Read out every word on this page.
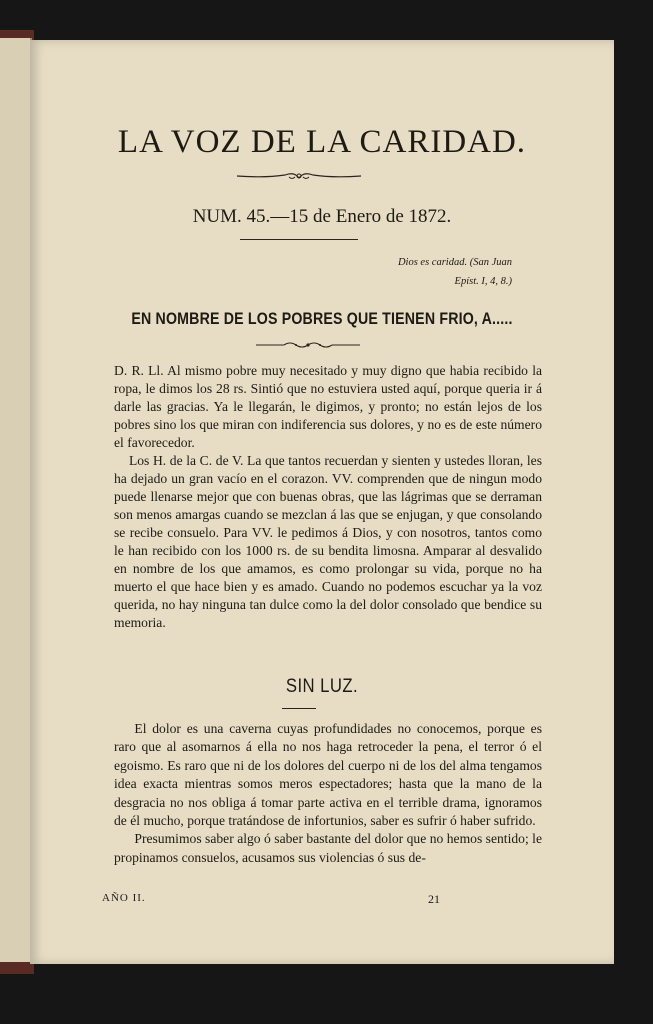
LA VOZ DE LA CARIDAD.
NUM. 45.—15 de Enero de 1872.
Dios es caridad. (San Juan
Epíst. I, 4, 8.)
EN NOMBRE DE LOS POBRES QUE TIENEN FRIO, A.....

D. R. Ll. Al mismo pobre muy necesitado y muy digno que habia recibido la ropa, le dimos los 28 rs. Sintió que no estuviera usted aquí, porque queria ir á darle las gracias. Ya le llegarán, le digimos, y pronto; no están lejos de los pobres sino los que miran con indiferencia sus dolores, y no es de este número el favorecedor.

Los H. de la C. de V. La que tantos recuerdan y sienten y ustedes lloran, les ha dejado un gran vacío en el corazon. VV. comprenden que de ningun modo puede llenarse mejor que con buenas obras, que las lágrimas que se derraman son menos amargas cuando se mezclan á las que se enjugan, y que consolando se recibe consuelo. Para VV. le pedimos á Dios, y con nosotros, tantos como le han recibido con los 1000 rs. de su bendita limosna. Amparar al desvalido en nombre de los que amamos, es como prolongar su vida, porque no ha muerto el que hace bien y es amado. Cuando no podemos escuchar ya la voz querida, no hay ninguna tan dulce como la del dolor consolado que bendice su memoria.

SIN LUZ.

El dolor es una caverna cuyas profundidades no conocemos, porque es raro que al asomarnos á ella no nos haga retroceder la pena, el terror ó el egoismo. Es raro que ni de los dolores del cuerpo ni de los del alma tengamos idea exacta mientras somos meros espectadores; hasta que la mano de la desgracia no nos obliga á tomar parte activa en el terrible drama, ignoramos de él mucho, porque tratándose de infortunios, saber es sufrir ó haber sufrido.

Presumimos saber algo ó saber bastante del dolor que no hemos sentido; le propinamos consuelos, acusamos sus violencias ó sus de-

AÑO II.	21
